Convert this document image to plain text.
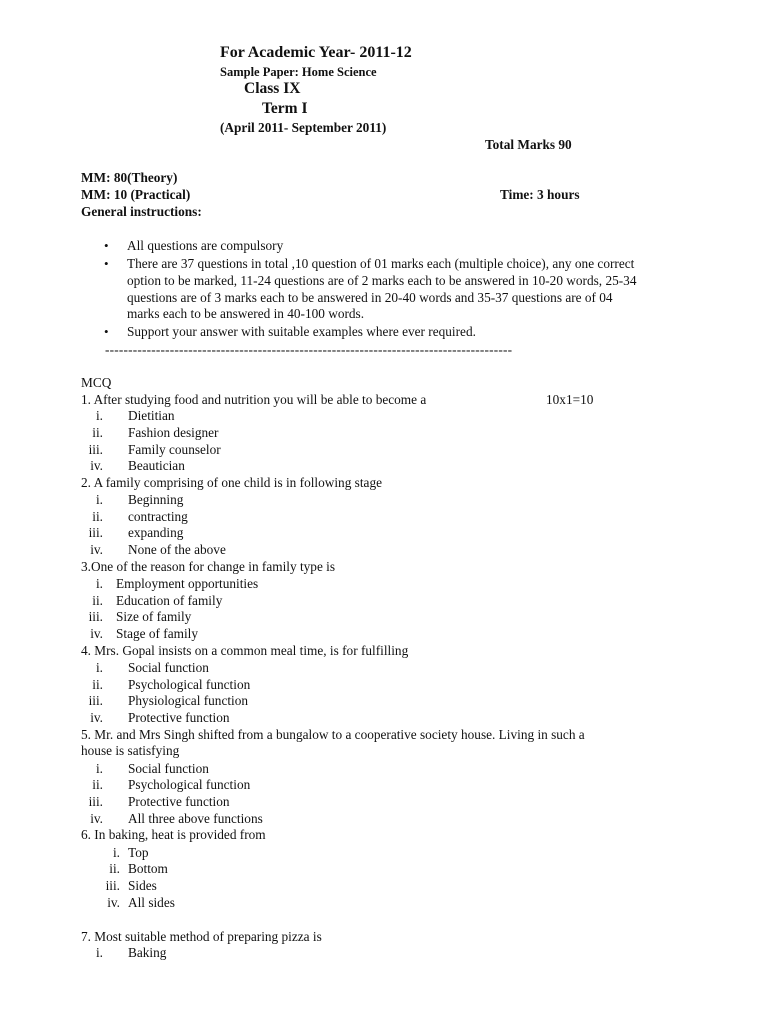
For Academic Year- 2011-12
Sample Paper: Home Science
Class IX
Term I
(April 2011- September 2011)
Total Marks 90
MM: 80(Theory)
MM: 10 (Practical)	Time: 3 hours
General instructions:
• All questions are compulsory
• There are 37 questions in total ,10 question of 01 marks each (multiple choice), any one correct
option to be marked, 11-24 questions are of 2 marks each to be answered in 10-20 words, 25-34
questions are of 3 marks each to be answered in 20-40 words and 35-37 questions are of 04
marks each to be answered in 40-100 words.
• Support your answer with suitable examples where ever required.
----------------------------------------------------------------------------------------
MCQ
1. After studying food and nutrition you will be able to become a	10x1=10
i. Dietitian
ii. Fashion designer
iii. Family counselor
iv. Beautician
2. A family comprising of one child is in following stage
i. Beginning
ii. contracting
iii. expanding
iv. None of the above
3.One of the reason for change in family type is
i. Employment opportunities
ii. Education of family
iii. Size of family
iv. Stage of family
4. Mrs. Gopal insists on a common meal time, is for fulfilling
i. Social function
ii. Psychological function
iii. Physiological function
iv. Protective function
5. Mr. and Mrs Singh shifted from a bungalow to a cooperative society house. Living in such a
house is satisfying
i. Social function
ii. Psychological function
iii. Protective function
iv. All three above functions
6. In baking, heat is provided from
i. Top
ii. Bottom
iii. Sides
iv. All sides
7. Most suitable method of preparing pizza is
i. Baking
